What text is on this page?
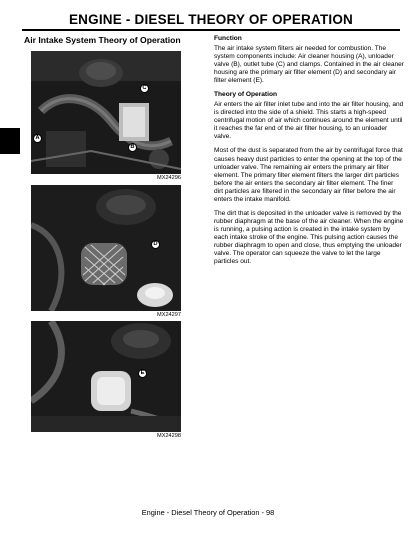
ENGINE - DIESEL THEORY OF OPERATION
Air Intake System Theory of Operation
C
A
B
MX24296
D
MX24297
E
MX24298
Function

The air intake system filters air needed for combustion. The system components include: Air cleaner housing (A), unloader valve (B), outlet tube (C) and clamps. Contained in the air cleaner housing are the primary air filter element (D) and secondary air filter element (E).

Theory of Operation

Air enters the air filter inlet tube and into the air filter housing, and is directed into the side of a shield. This starts a high-speed centrifugal motion of air which continues around the element until it reaches the far end of the air filter housing, to an unloader valve.

Most of the dust is separated from the air by centrifugal force that causes heavy dust particles to enter the opening at the top of the unloader valve. The remaining air enters the primary air filter element. The primary filter element filters the larger dirt particles before the air enters the secondary air filter element. The finer dirt particles are filtered in the secondary air filter before the air enters the intake manifold.

The dirt that is deposited in the unloader valve is removed by the rubber diaphragm at the base of the air cleaner. When the engine is running, a pulsing action is created in the intake system by each intake stroke of the engine. This pulsing action causes the rubber diaphragm to open and close, thus emptying the unloader valve. The operator can squeeze the valve to let the large particles out.

Engine - Diesel Theory of Operation - 98
